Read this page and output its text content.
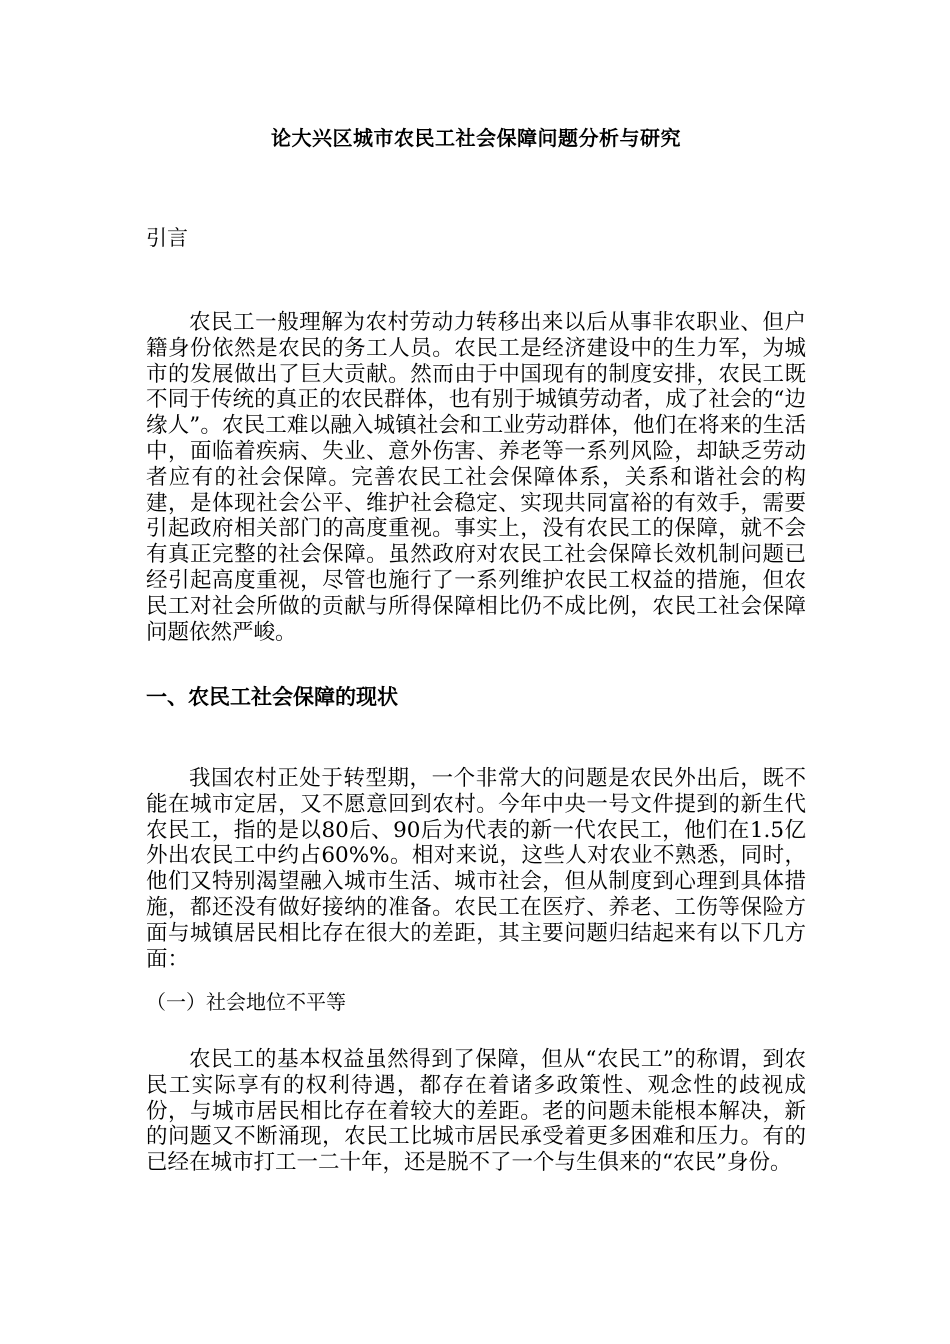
论大兴区城市农民工社会保障问题分析与研究
引言

农民工一般理解为农村劳动力转移出来以后从事非农职业、但户籍身份依然是农民的务工人员。农民工是经济建设中的生力军，为城市的发展做出了巨大贡献。然而由于中国现有的制度安排，农民工既不同于传统的真正的农民群体，也有别于城镇劳动者，成了社会的“边缘人”。农民工难以融入城镇社会和工业劳动群体，他们在将来的生活中，面临着疾病、失业、意外伤害、养老等一系列风险，却缺乏劳动者应有的社会保障。完善农民工社会保障体系，关系和谐社会的构建，是体现社会公平、维护社会稳定、实现共同富裕的有效手，需要引起政府相关部门的高度重视。事实上，没有农民工的保障，就不会有真正完整的社会保障。虽然政府对农民工社会保障长效机制问题已经引起高度重视，尽管也施行了一系列维护农民工权益的措施，但农民工对社会所做的贡献与所得保障相比仍不成比例，农民工社会保障问题依然严峻。

一、农民工社会保障的现状

我国农村正处于转型期，一个非常大的问题是农民外出后，既不能在城市定居，又不愿意回到农村。今年中央一号文件提到的新生代农民工，指的是以80后、90后为代表的新一代农民工，他们在1.5亿外出农民工中约占60%%。相对来说，这些人对农业不熟悉，同时，他们又特别渴望融入城市生活、城市社会，但从制度到心理到具体措施，都还没有做好接纳的准备。农民工在医疗、养老、工伤等保险方面与城镇居民相比存在很大的差距，其主要问题归结起来有以下几方面：

（一）社会地位不平等

农民工的基本权益虽然得到了保障，但从“农民工”的称谓，到农民工实际享有的权利待遇，都存在着诸多政策性、观念性的歧视成份，与城市居民相比存在着较大的差距。老的问题未能根本解决，新的问题又不断涌现，农民工比城市居民承受着更多困难和压力。有的已经在城市打工一二十年，还是脱不了一个与生俱来的“农民”身份。
